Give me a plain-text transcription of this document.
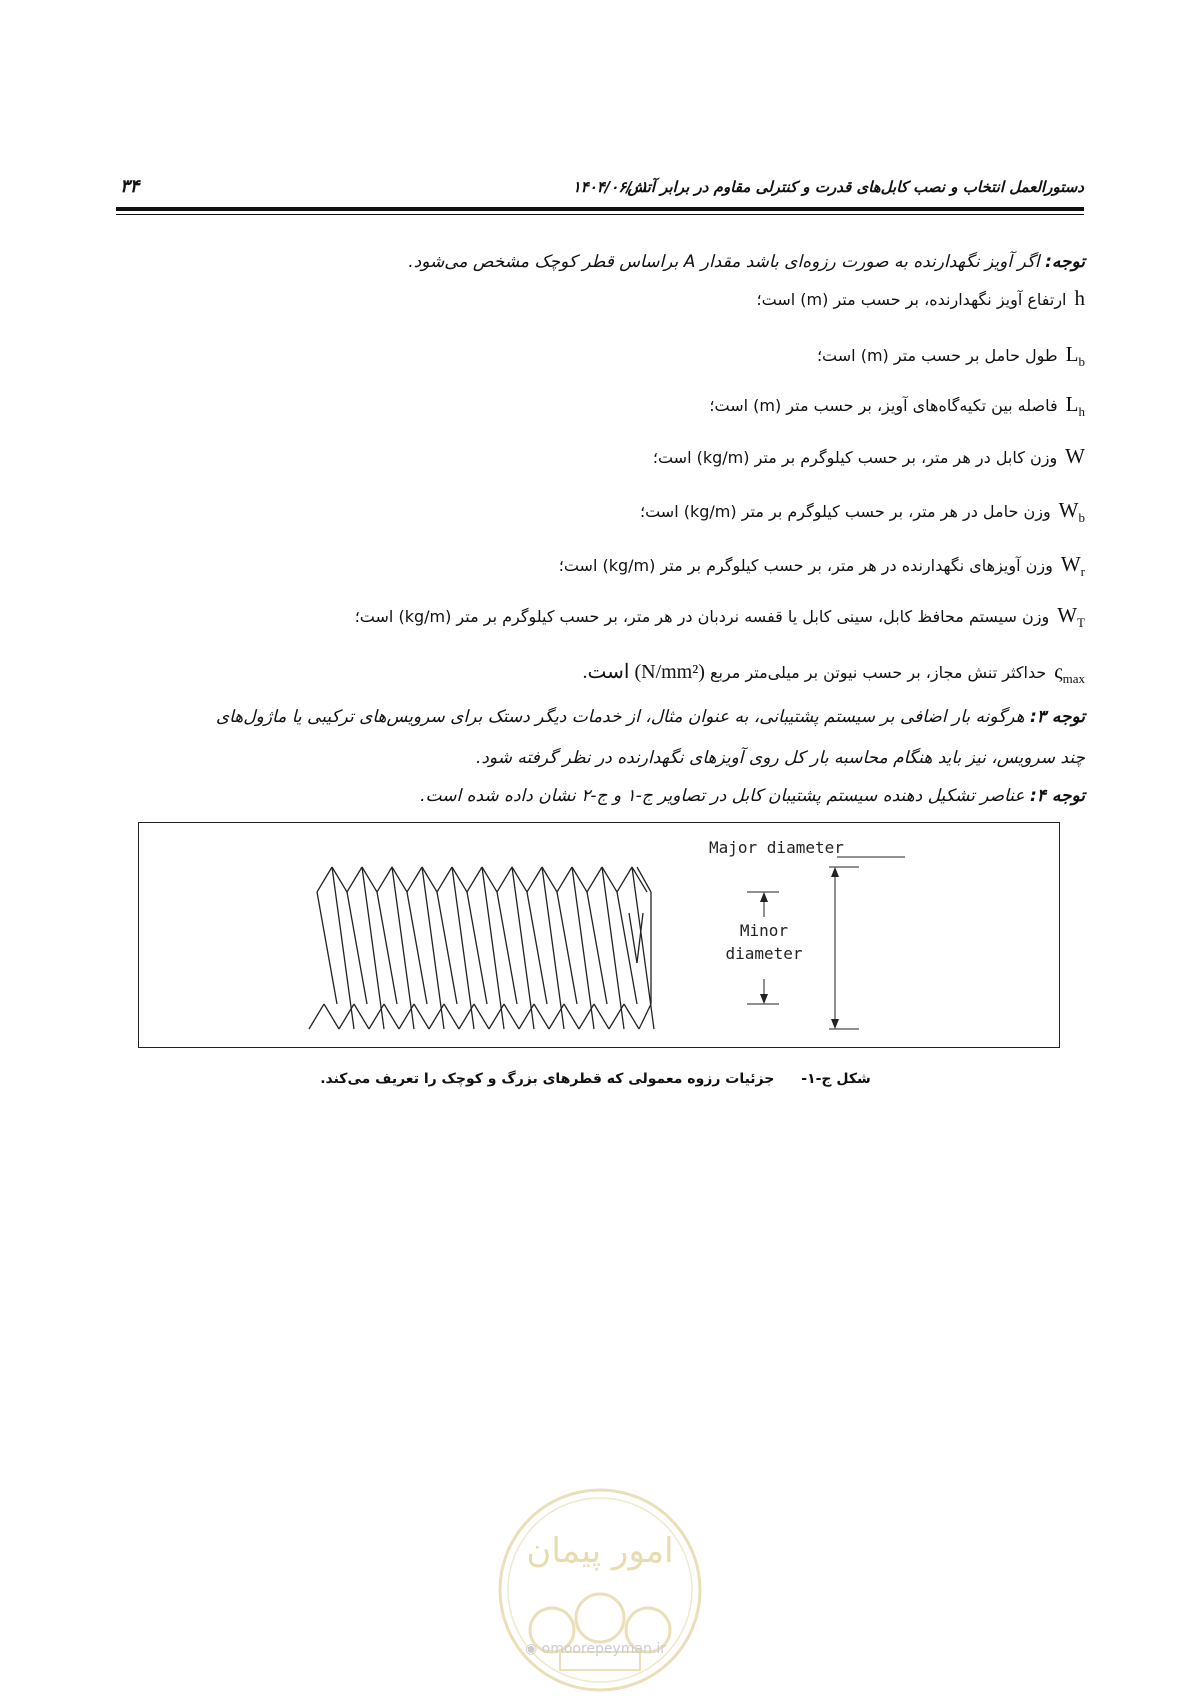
دستورالعمل انتخاب و نصب کابل‌های قدرت و کنترلی مقاوم در برابر آتش
۱۴۰۴/۰۶/۰۱
۳۴
توجه: اگر آویز نگهدارنده به صورت رزوه‌ای باشد مقدار A براساس قطر کوچک مشخص می‌شود.
hارتفاع آویز نگهدارنده، بر حسب متر (m) است؛
$L_bطول$ حامل بر حسب متر (m) است؛
$L_hفاصله$ بین تکیه‌گاه‌های آویز، بر حسب متر (m) است؛
Wوزن کابل در هر متر، بر حسب کیلوگرم بر متر (kg/m) است؛
$W_bوزن$ حامل در هر متر، بر حسب کیلوگرم بر متر (kg/m) است؛
$W_rوزن$ آویزهای نگهدارنده در هر متر، بر حسب کیلوگرم بر متر (kg/m) است؛
$W_Tوزن$ سیستم محافظ کابل، سینی کابل یا قفسه نردبان در هر متر، بر حسب کیلوگرم بر متر (kg/m) است؛
$\varsigma_{max}حداکثر$ تنش مجاز، بر حسب نیوتن بر میلی‌متر مربع (N/mm²) است.
توجه ۳: هرگونه بار اضافی بر سیستم پشتیبانی، به عنوان مثال، از خدمات دیگر دستک برای سرویس‌های ترکیبی یا ماژول‌های
چند سرویس، نیز باید هنگام محاسبه بار کل روی آویزهای نگهدارنده در نظر گرفته شود.
توجه ۴: عناصر تشکیل دهنده سیستم پشتیبان کابل در تصاویر ج-۱ و ج-۲ نشان داده شده است.
Major diameter
Minor
diameter
شکل ج-۱- جزئیات رزوه معمولی که قطرهای بزرگ و کوچک را تعریف می‌کند.
امور پیمان
◉ omoorepeyman.ir
